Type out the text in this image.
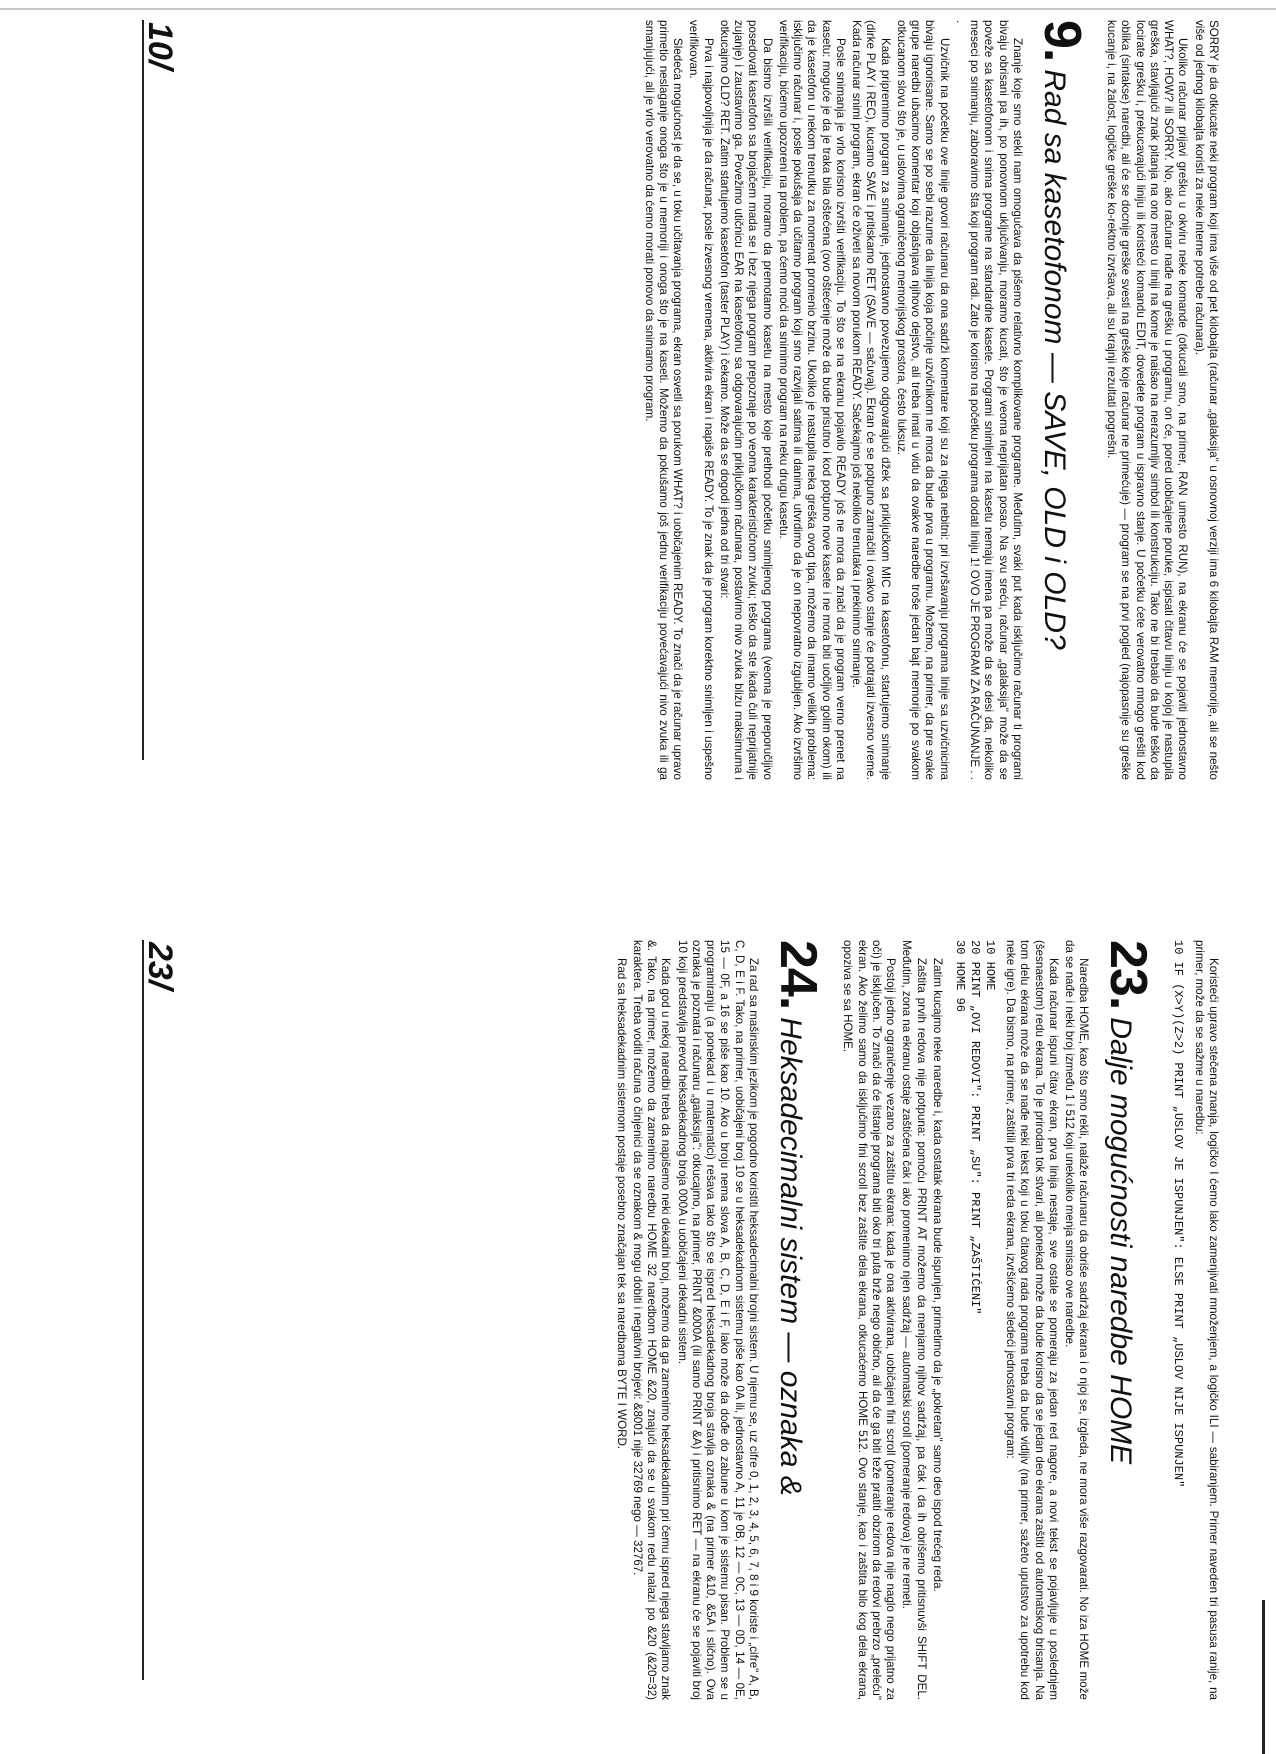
SORRY je da otkucate neki program koji ima više od pet kilobajta (računar „galaksija" u osnovnoj verziji ima 6 kilobajta RAM memorije, ali se nešto više od jednog kilobajta koristi za neke interne potrebe računara).

Ukoliko računar prijavi grešku u okviru neke komande (otkucali smo, na primer, RAN umesto RUN), na ekranu će se pojaviti jednostavno WHAT?, HOW? ili SORRY. No, ako računar nađe na grešku u programu, on će, pored uobičajene poruke, ispisati čitavu liniju u kojoj je nastupila greška, stavljajući znak pitanja na ono mesto u liniji na kome je naišao na nerazumljiv simbol ili konstrukciju. Tako ne bi trebalo da bude teško da locirate grešku i, prekucavajući liniju ili koristeći komandu EDIT, dovedete program u ispravno stanje. U početku ćete verovatno mnogo grešiti kod oblika (sintakse) naredbi, ali će se docnije greške svesti na greške koje računar ne primećuje) — program se na prvi pogled (najopasnije su greške kucanje i, na žalost, logičke greške ko-rektno izvršava, ali su krajnji rezultati pogrešni.

9.Rad sa kasetofonom — SAVE, OLD i OLD?

Znanje koje smo stekli nam omogućava da pišemo relativno komplikovane programe. Međutim, svaki put kada isključimo računar ti programi bivaju obrisani pa ih, po ponovnom uključivanju, moramo kucati, što je veoma neprijatan posao. Na svu sreću, računar „galaksija" može da se poveže sa kasetofonom i snima programe na standardne kasete. Programi snimljeni na kasetu nemaju imena pa može da se desi da, nekoliko meseci po snimanju, zaboravimo šta koji program radi. Zato je korisno na početku programa dodati liniju 1! OVO JE PROGRAM ZA RAČUNANJE . . .

Uzvičnik na početku ove linije govori računaru da ona sadrži komentare koji su za njega nebitni: pri izvršavanju programa linije sa uzvičnicima bivaju ignorisane. Samo se po sebi razume da linija koja počinje uzvičnikom ne mora da bude prva u programu. Možemo, na primer, da pre svake grupe naredbi ubacimo komentar koji objašnjava njihovo dejstvo, ali treba imati u vidu da ovakve naredbe troše jedan bajt memorije po svakom otkucanom slovu što je, u uslovima ograničenog memorijskog prostora, često luksuz.

Kada pripremimo program za snimanje, jednostavno povezujemo odgovarajući džek sa priključkom MIC na kasetofonu, startujemo snimanje (dirke PLAY i REC), kucamo SAVE i pritiskamo RET (SAVE — sačuvaj). Ekran će se potpuno zamračiti i ovakvo stanje će potrajati izvesno vreme. Kada računar snimi program, ekran će oživeti sa novom porukom READY. Sačekajmo još nekoliko trenutaka i prekinimo snimanje.

Posle snimanja je vrlo korisno izvršiti verifikaciju. To što se na ekranu pojavilo READY još ne mora da znači da je program verno prenet na kasetu: moguće je da je traka bila oštećena (ovo oštećenje može da bude prisutno i kod potpuno nove kasete i ne mora biti uočljivo golim okom) ili da je kasetofon u nekom trenutku za momenat promenio brzinu. Ukoliko je nastupila neka greška ovog tipa, možemo da imamo velikih problema: isključimo računar i, posle pokušaja da učitamo program koji smo razvijali satima ili danima, utvrdimo da je on nepovratno izgubljen. Ako izvršimo verifikaciju, bićemo upozoreni na problem, pa ćemo moći da snimimo program na neku drugu kasetu.

Da bismo izvršili verifikaciju, moramo da premotamo kasetu na mesto koje prethodi početku snimljenog programa (veoma je preporučljivo posedovati kasetofon sa brojačem mada se i bez njega program prepoznaje po veoma karakterističnom zvuku; teško da ste ikada čuli neprijatnije zujanje) i zaustavimo ga. Povežimo utičnicu EAR na kasetofonu sa odgovarajućim priključkom računara, postavimo nivo zvuka blizu maksimuma i otkucajmo OLD? RET. Zatim startujemo kasetofon (taster PLAY) i čekamo. Može da se dogodi jedna od tri stvari:

Prva i najpovoljnija je da računar, posle izvesnog vremena, aktivira ekran i napiše READY. To je znak da je program korektno snimljen i uspešno verifikovan.

Sledeća mogućnost je da se, u toku učitavanja programa, ekran osvetli sa porukom WHAT? i uobičajenim READY. To znači da je računar upravo primetio neslaganje onoga što je u memoriji i onoga što je na kaseti. Možemo da pokušamo još jednu verifikaciju povećavajući nivo zvuka ili ga smanjujući, ali je vrlo verovatno da ćemo morati ponovo da snimamo program.

10/

Koristeći upravo stečena znanja, logičko I ćemo lako zamenjivati množenjem, a logičko ILI — sabiranjem. Primer naveden tri pasusa ranije, na primer, može da se sažme u naredbu:

10 IF (X>Y)(Z>2) PRINT „USLOV JE ISPUNJEN": ELSE PRINT „USLOV NIJE ISPUNJEN"
23.Dalje mogućnosti naredbe HOME

Naredba HOME, kao što smo rekli, nalaže računaru da obriše sadržaj ekrana i o njoj se, izgleda, ne mora više razgovarati. No iza HOME može da se nađe i neki broj između 1 i 512 koji unekoliko menja smisao ove naredbe.

Kada računar ispuni čitav ekran, prva linija nestaje, sve ostale se pomeraju za jedan red nagore, a novi tekst se pojavljuje u poslednjem (šesnaestom) redu ekrana. To je prirodan tok stvari, ali ponekad može da bude korisno da se jedan deo ekrana zaštiti od automatskog brisanja. Na tom delu ekrana može da se nađe neki tekst koji u toku čitavog rada programa treba da bude vidljiv (na primer, sažeto uputstvo za upotrebu kod neke igre). Da bismo, na primer, zaštitili prva tri reda ekrana, izvršićemo sledeći jednostavni program:

10 HOME
20 PRINT „OVI REDOVI": PRINT „SU": PRINT „ZAŠTIĆENI"
30 HOME 96

Zatim kucajmo neke naredbe i, kada ostatak ekrana bude ispunjen, primetimo da je „pokretan" samo deo ispod trećeg reda.

Zaštita prvih redova nije potpuna: pomoću PRINT AT možemo da menjamo njihov sadržaj, pa čak i da ih obrišemo pritisnuvši SHIFT DEL. Međutim, zona na ekranu ostaje zaštićena čak i ako promenimo njen sadržaj — automatski scroll (pomeranje redova) je ne remeti.

Postoji jedno ograničenje vezano za zaštitu ekrana: kada je ona aktivirana, uobičajeni fini scroll (pomeranje redova nije naglo nego prijatno za oči) je isključen. To znači da će listanje programa biti oko tri puta brže nego obično, ali da će ga biti teže pratiti obzirom da redovi prebrzo „prelеću" ekran. Ako želimo samo da isključimo fini scroll bez zaštite dela ekrana, otkucaćemo HOME 512. Ovo stanje, kao i zaštita bilo kog dela ekrana, opoziva se sa HOME.

24.Heksadecimalni sistem — oznaka &

Za rad sa mašinskim jezikom je pogodno koristiti heksadecimalni brojni sistem. U njemu se, uz cifre 0, 1, 2, 3, 4, 5, 6, 7, 8 i 9 koriste i „cifre" A, B, C, D, E i F. Tako, na primer, uobičajeni broj 10 se u heksadekadnom sistemu piše kao 0A ili, jednostavno A, 11 je 0B, 12 — 0C, 13 — 0D, 14 — 0E, 15 — 0F, a 16 se piše kao 10. Ako u broju nema slova A, B, C, D, E i F, lako može da dođe do zabune u kom je sistemu pisan. Problem se u programiranju (a ponekad i u matematici) rešava tako što se ispred heksadekadnog broja stavlja oznaka & (na primer &10, &5A i slično). Ova oznaka je poznata i računaru „galaksija": otkucajmo, na primer, PRINT &000A (ili samo PRINT &A) i pritisnimo RET — na ekranu će se pojaviti broj 10 koji predstavlja prevod heksadekadnog broja 000A u uobičajeni dekadni sistem.

Kada god u nekoj naredbi treba da napišemo neki dekadni broj, možemo da ga zamenimo heksadekadnim pri čemu ispred njega stavljamo znak &. Tako, na primer, možemo da zamenimo naredbu HOME 32 naredbom HOME &20, znajući da se u svakom redu nalazi po &20 (&20=32) karaktera. Treba voditi računa o činjenici da se oznakom & mogu dobiti i negativni brojevi: &8001 nije 32769 nego — 32767.

Rad sa heksadekadnim sistemom postaje posebno značajan tek sa naredbama BYTE I WORD.

23/
